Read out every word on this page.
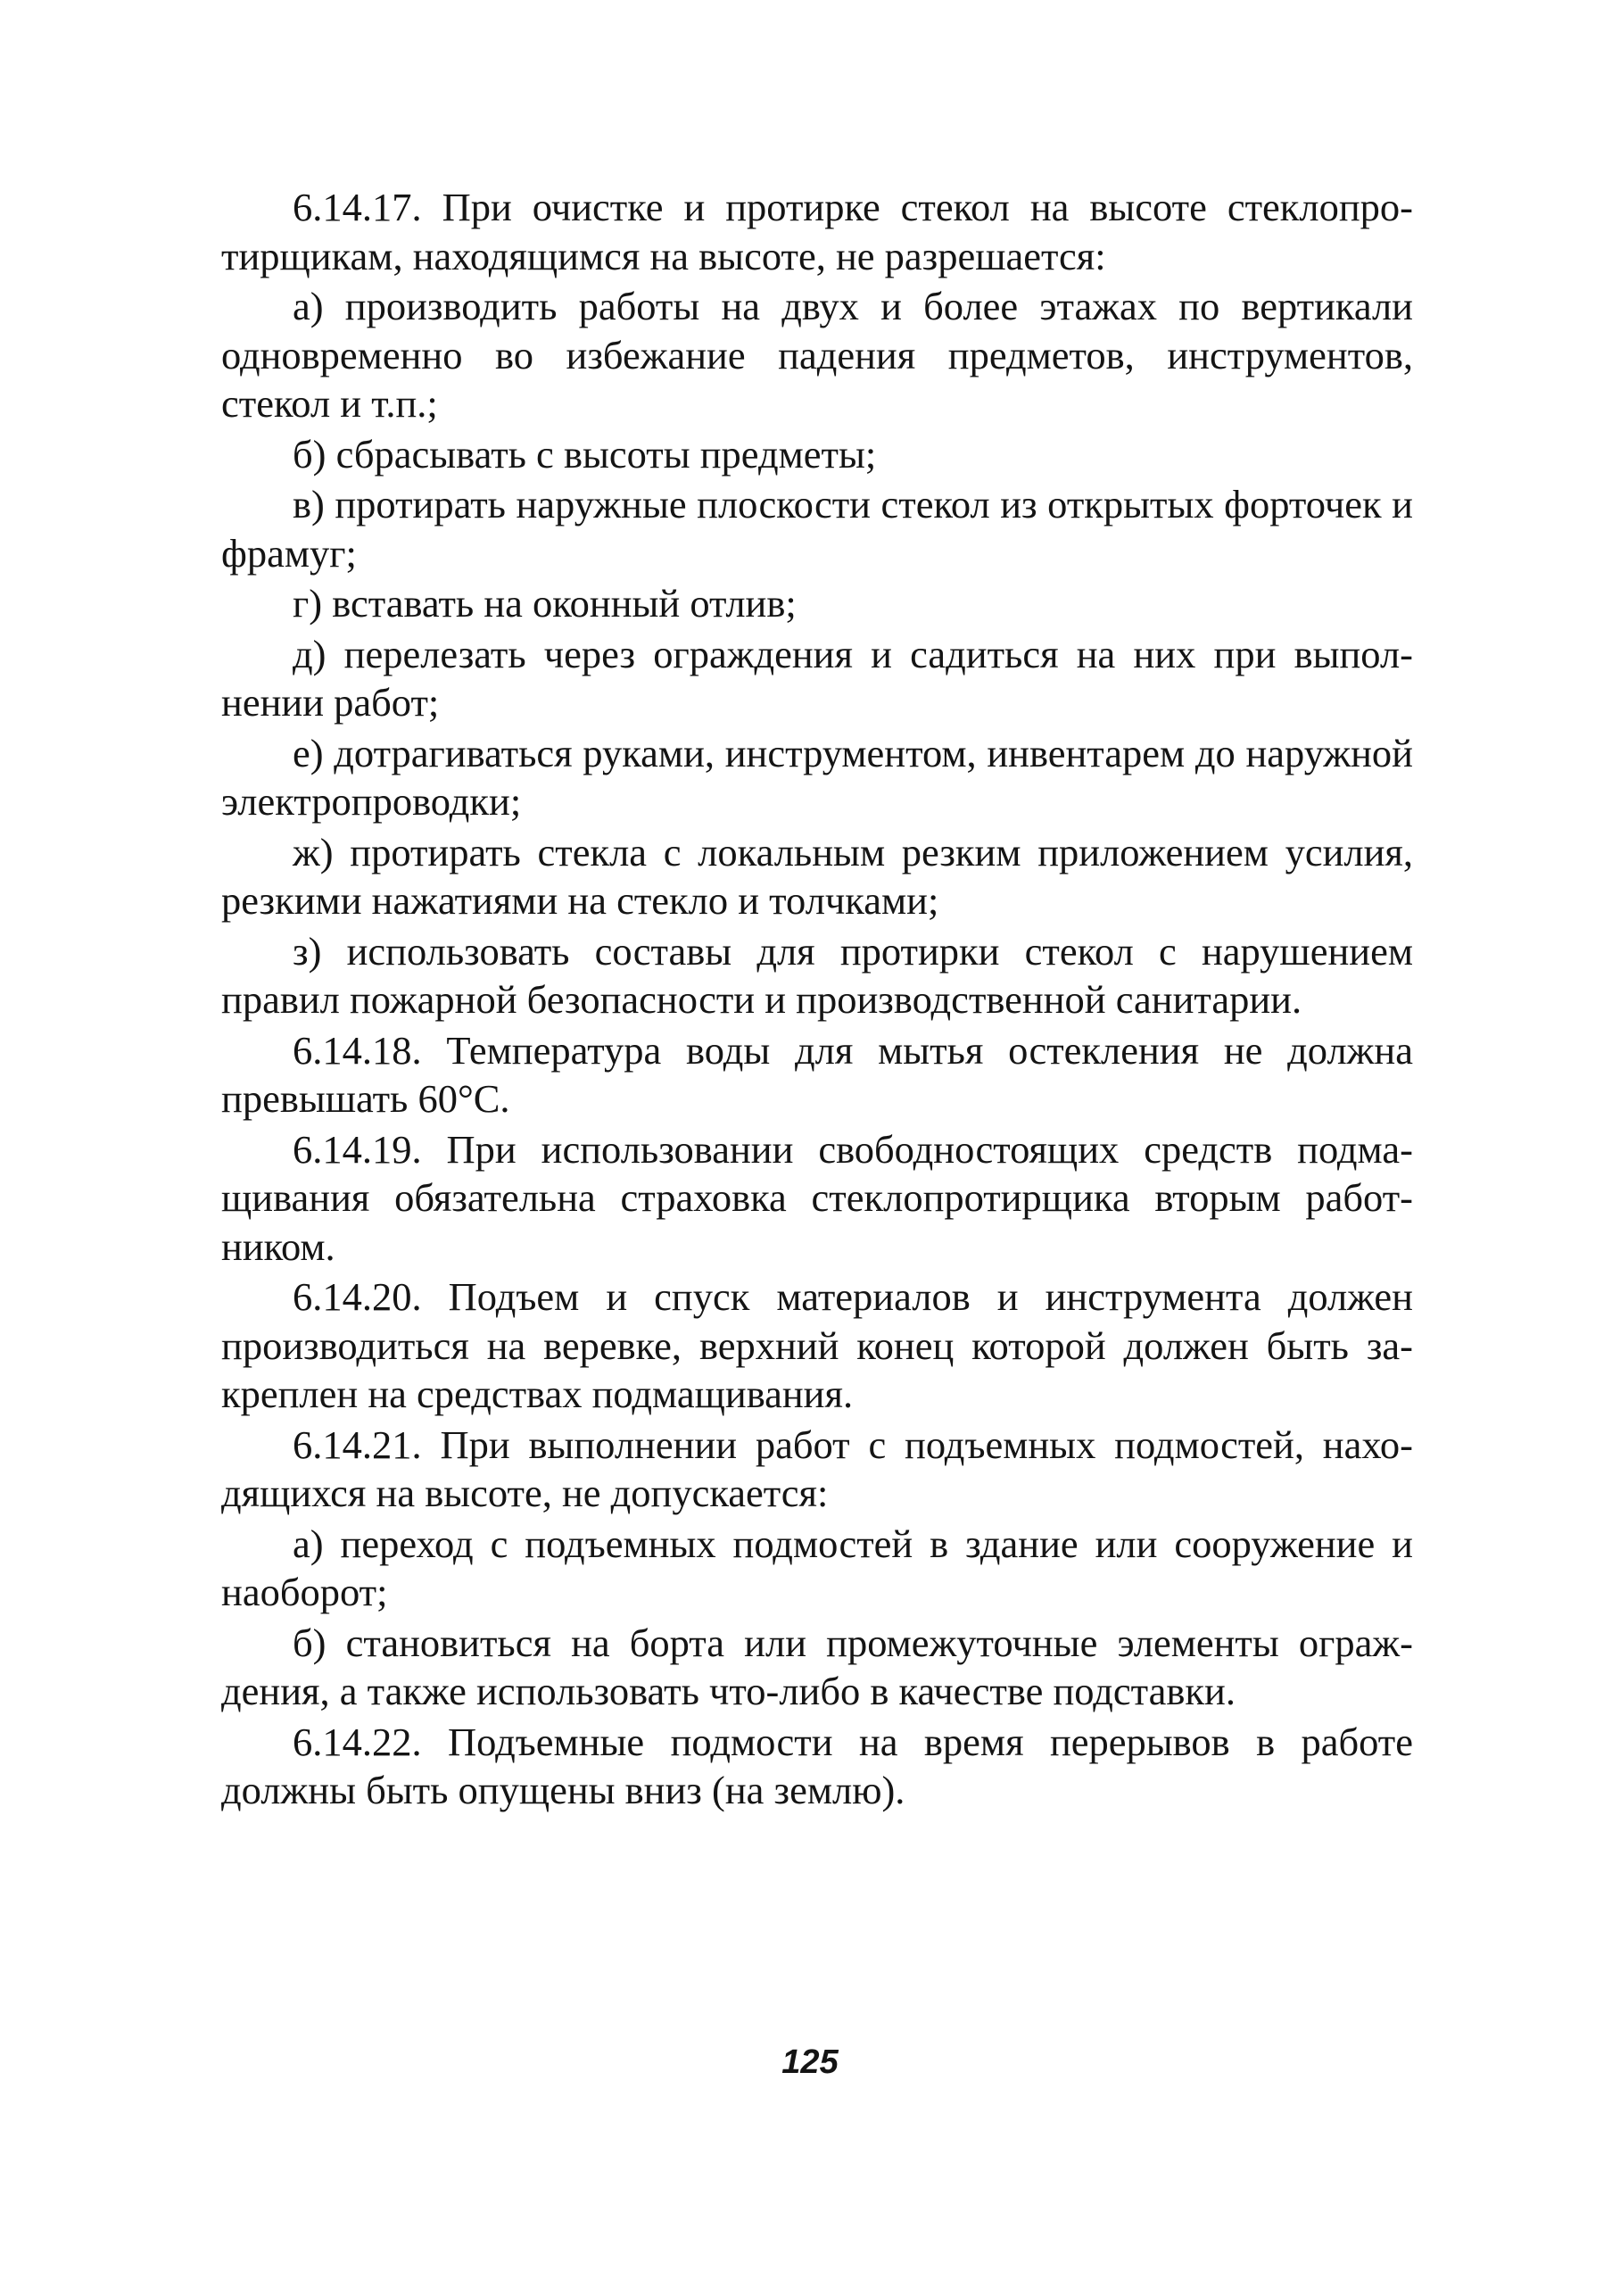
6.14.17. При очистке и протирке стекол на высоте стеклопротирщикам, находящимся на высоте, не разрешается:

а) производить работы на двух и более этажах по вертикали одновременно во избежание падения предметов, инструментов, стекол и т.п.;

б) сбрасывать с высоты предметы;

в) протирать наружные плоскости стекол из открытых форточек и фрамуг;

г) вставать на оконный отлив;

д) перелезать через ограждения и садиться на них при выполнении работ;

е) дотрагиваться руками, инструментом, инвентарем до наружной электропроводки;

ж) протирать стекла с локальным резким приложением усилия, резкими нажатиями на стекло и толчками;

з) использовать составы для протирки стекол с нарушением правил пожарной безопасности и производственной санитарии.

6.14.18. Температура воды для мытья остекления не должна превышать 60°С.

6.14.19. При использовании свободностоящих средств подмащивания обязательна страховка стеклопротирщика вторым работником.

6.14.20. Подъем и спуск материалов и инструмента должен производиться на веревке, верхний конец которой должен быть закреплен на средствах подмащивания.

6.14.21. При выполнении работ с подъемных подмостей, находящихся на высоте, не допускается:

а) переход с подъемных подмостей в здание или сооружение и наоборот;

б) становиться на борта или промежуточные элементы ограждения, а также использовать что-либо в качестве подставки.

6.14.22. Подъемные подмости на время перерывов в работе должны быть опущены вниз (на землю).

125
